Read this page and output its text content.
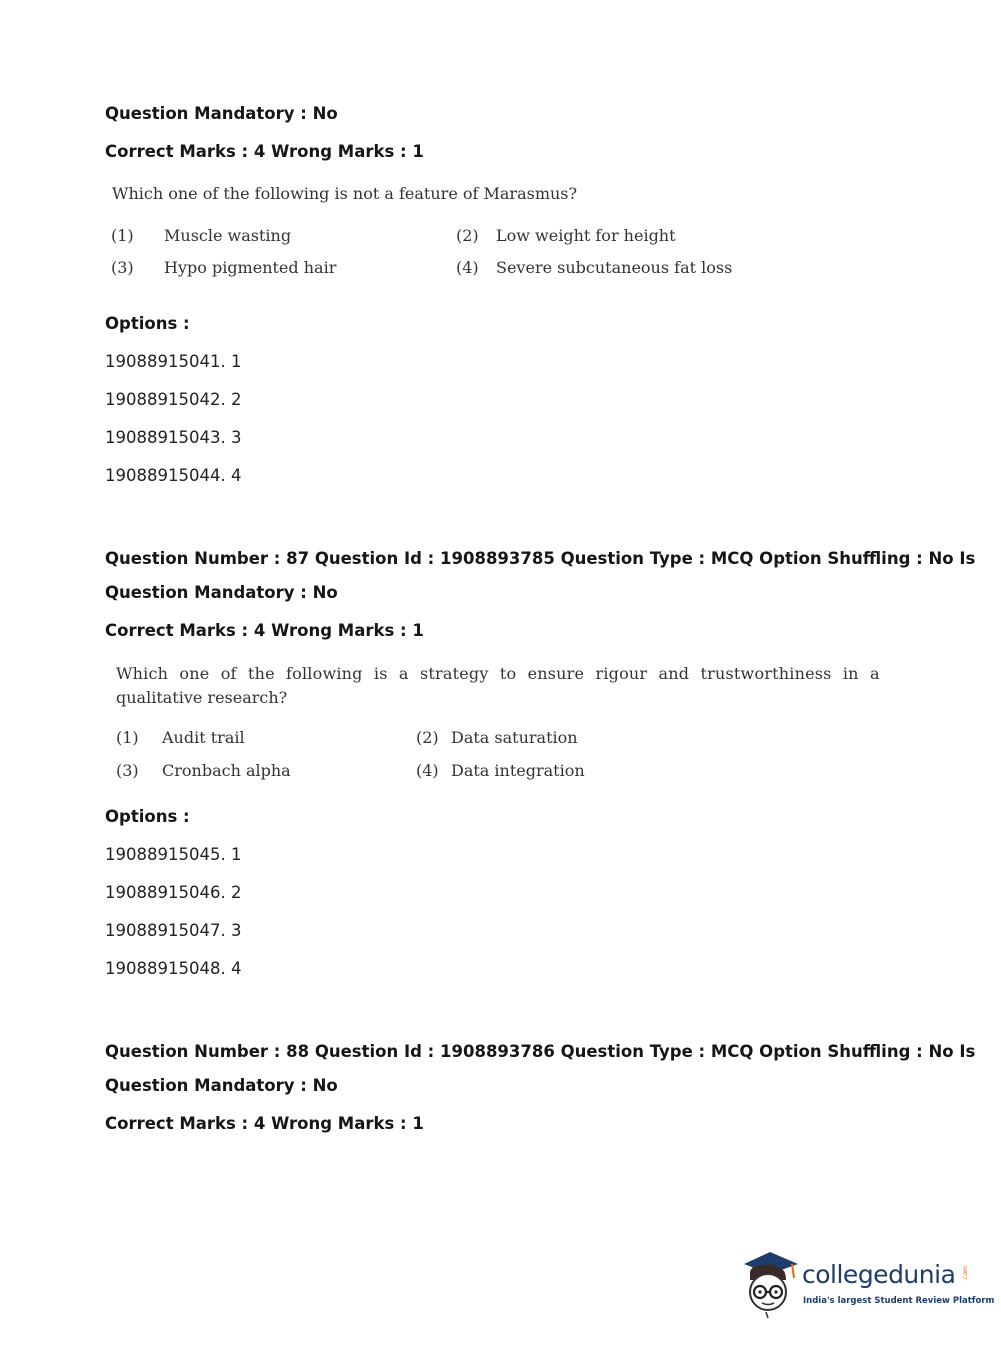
Question Mandatory : No

Correct Marks : 4 Wrong Marks : 1

Which one of the following is not a feature of Marasmus?

(1) Muscle wasting	(2) Low weight for height

(3) Hypo pigmented hair	(4) Severe subcutaneous fat loss

Options :

19088915041. 1

19088915042. 2

19088915043. 3

19088915044. 4

Question Number : 87 Question Id : 1908893785 Question Type : MCQ Option Shuffling : No Is

Question Mandatory : No

Correct Marks : 4 Wrong Marks : 1

Which one of the following is a strategy to ensure rigour and trustworthiness in a

qualitative research?

(1) Audit trail	(2) Data saturation

(3) Cronbach alpha	(4) Data integration

Options :

19088915045. 1

19088915046. 2

19088915047. 3

19088915048. 4

Question Number : 88 Question Id : 1908893786 Question Type : MCQ Option Shuffling : No Is

Question Mandatory : No

Correct Marks : 4 Wrong Marks : 1

collegedunia .com
India's largest Student Review Platform
